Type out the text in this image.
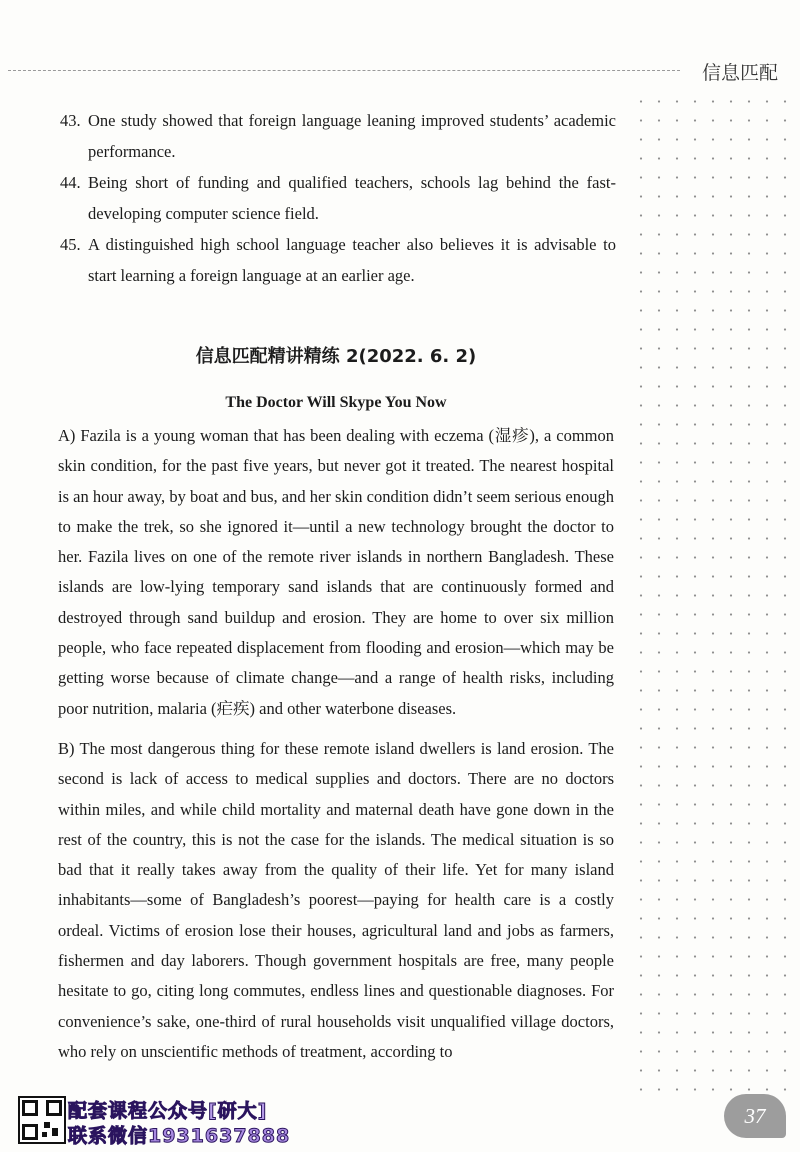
信息匹配
43. One study showed that foreign language leaning improved students’ academic performance.
44. Being short of funding and qualified teachers, schools lag behind the fast-developing computer science field.
45. A distinguished high school language teacher also believes it is advisable to start learning a foreign language at an earlier age.
信息匹配精讲精练 2(2022. 6. 2)
The Doctor Will Skype You Now

A) Fazila is a young woman that has been dealing with eczema (湿疹), a common skin condition, for the past five years, but never got it treated. The nearest hospital is an hour away, by boat and bus, and her skin condition didn’t seem serious enough to make the trek, so she ignored it—until a new technology brought the doctor to her. Fazila lives on one of the remote river islands in northern Bangladesh. These islands are low-lying temporary sand islands that are continuously formed and destroyed through sand buildup and erosion. They are home to over six million people, who face repeated displacement from flooding and erosion—which may be getting worse because of climate change—and a range of health risks, including poor nutrition, malaria (疟疾) and other waterbone diseases.

B) The most dangerous thing for these remote island dwellers is land erosion. The second is lack of access to medical supplies and doctors. There are no doctors within miles, and while child mortality and maternal death have gone down in the rest of the country, this is not the case for the islands. The medical situation is so bad that it really takes away from the quality of their life. Yet for many island inhabitants—some of Bangladesh’s poorest—paying for health care is a costly ordeal. Victims of erosion lose their houses, agricultural land and jobs as farmers, fishermen and day laborers. Though government hospitals are free, many people hesitate to go, citing long commutes, endless lines and questionable diagnoses. For convenience’s sake, one-third of rural households visit unqualified village doctors, who rely on unscientific methods of treatment, according to

配套课程公众号[研大]
联系微信1931637888
37
